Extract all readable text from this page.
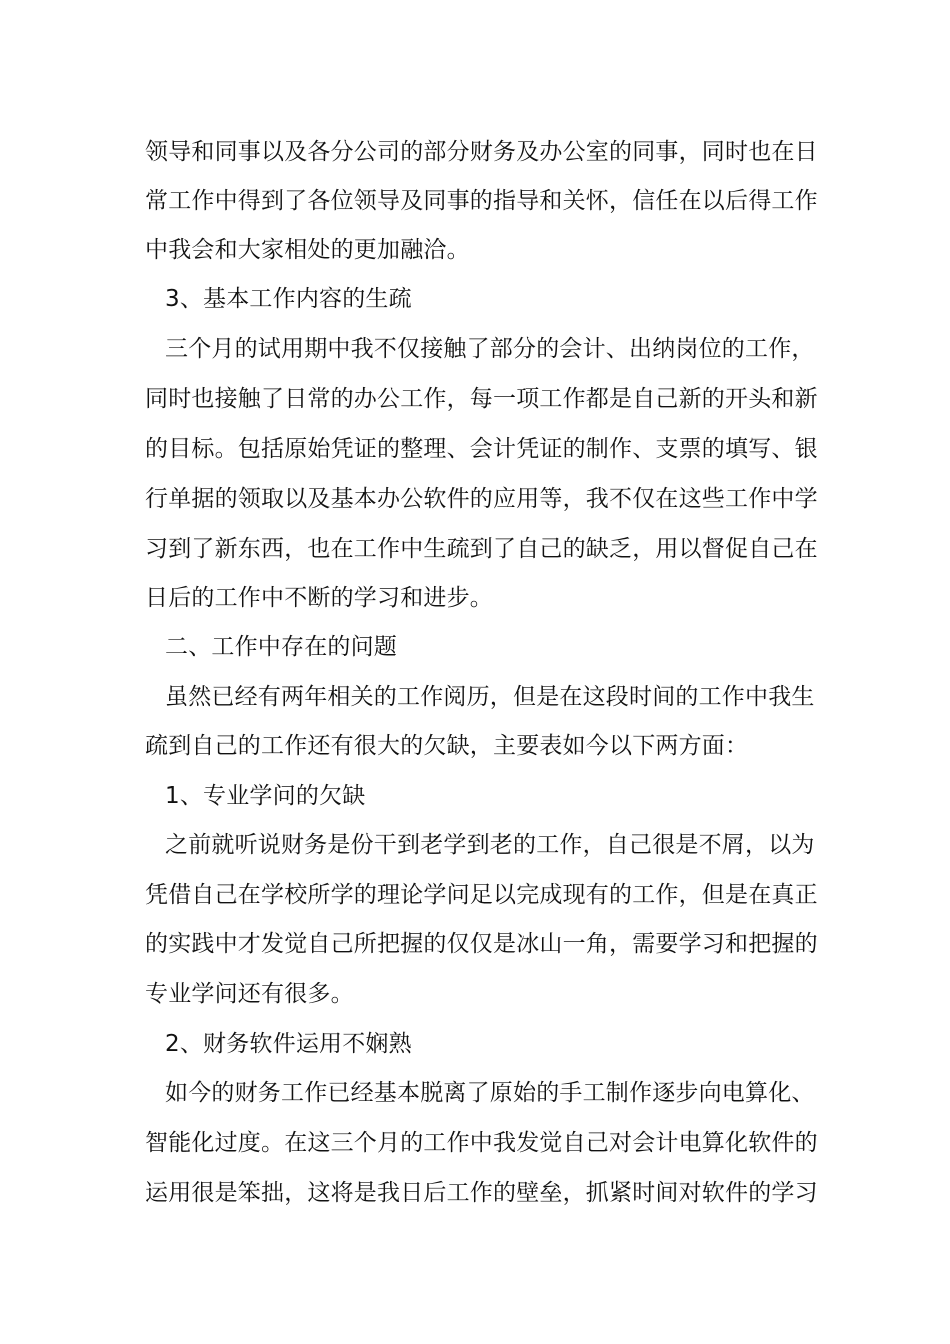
领导和同事以及各分公司的部分财务及办公室的同事，同时也在日
常工作中得到了各位领导及同事的指导和关怀，信任在以后得工作
中我会和大家相处的更加融洽。
3、基本工作内容的生疏
三个月的试用期中我不仅接触了部分的会计、出纳岗位的工作，
同时也接触了日常的办公工作，每一项工作都是自己新的开头和新
的目标。包括原始凭证的整理、会计凭证的制作、支票的填写、银
行单据的领取以及基本办公软件的应用等，我不仅在这些工作中学
习到了新东西，也在工作中生疏到了自己的缺乏，用以督促自己在
日后的工作中不断的学习和进步。
二、工作中存在的问题
虽然已经有两年相关的工作阅历，但是在这段时间的工作中我生
疏到自己的工作还有很大的欠缺，主要表如今以下两方面：
1、专业学问的欠缺
之前就听说财务是份干到老学到老的工作，自己很是不屑，以为
凭借自己在学校所学的理论学问足以完成现有的工作，但是在真正
的实践中才发觉自己所把握的仅仅是冰山一角，需要学习和把握的
专业学问还有很多。
2、财务软件运用不娴熟
如今的财务工作已经基本脱离了原始的手工制作逐步向电算化、
智能化过度。在这三个月的工作中我发觉自己对会计电算化软件的
运用很是笨拙，这将是我日后工作的壁垒，抓紧时间对软件的学习
